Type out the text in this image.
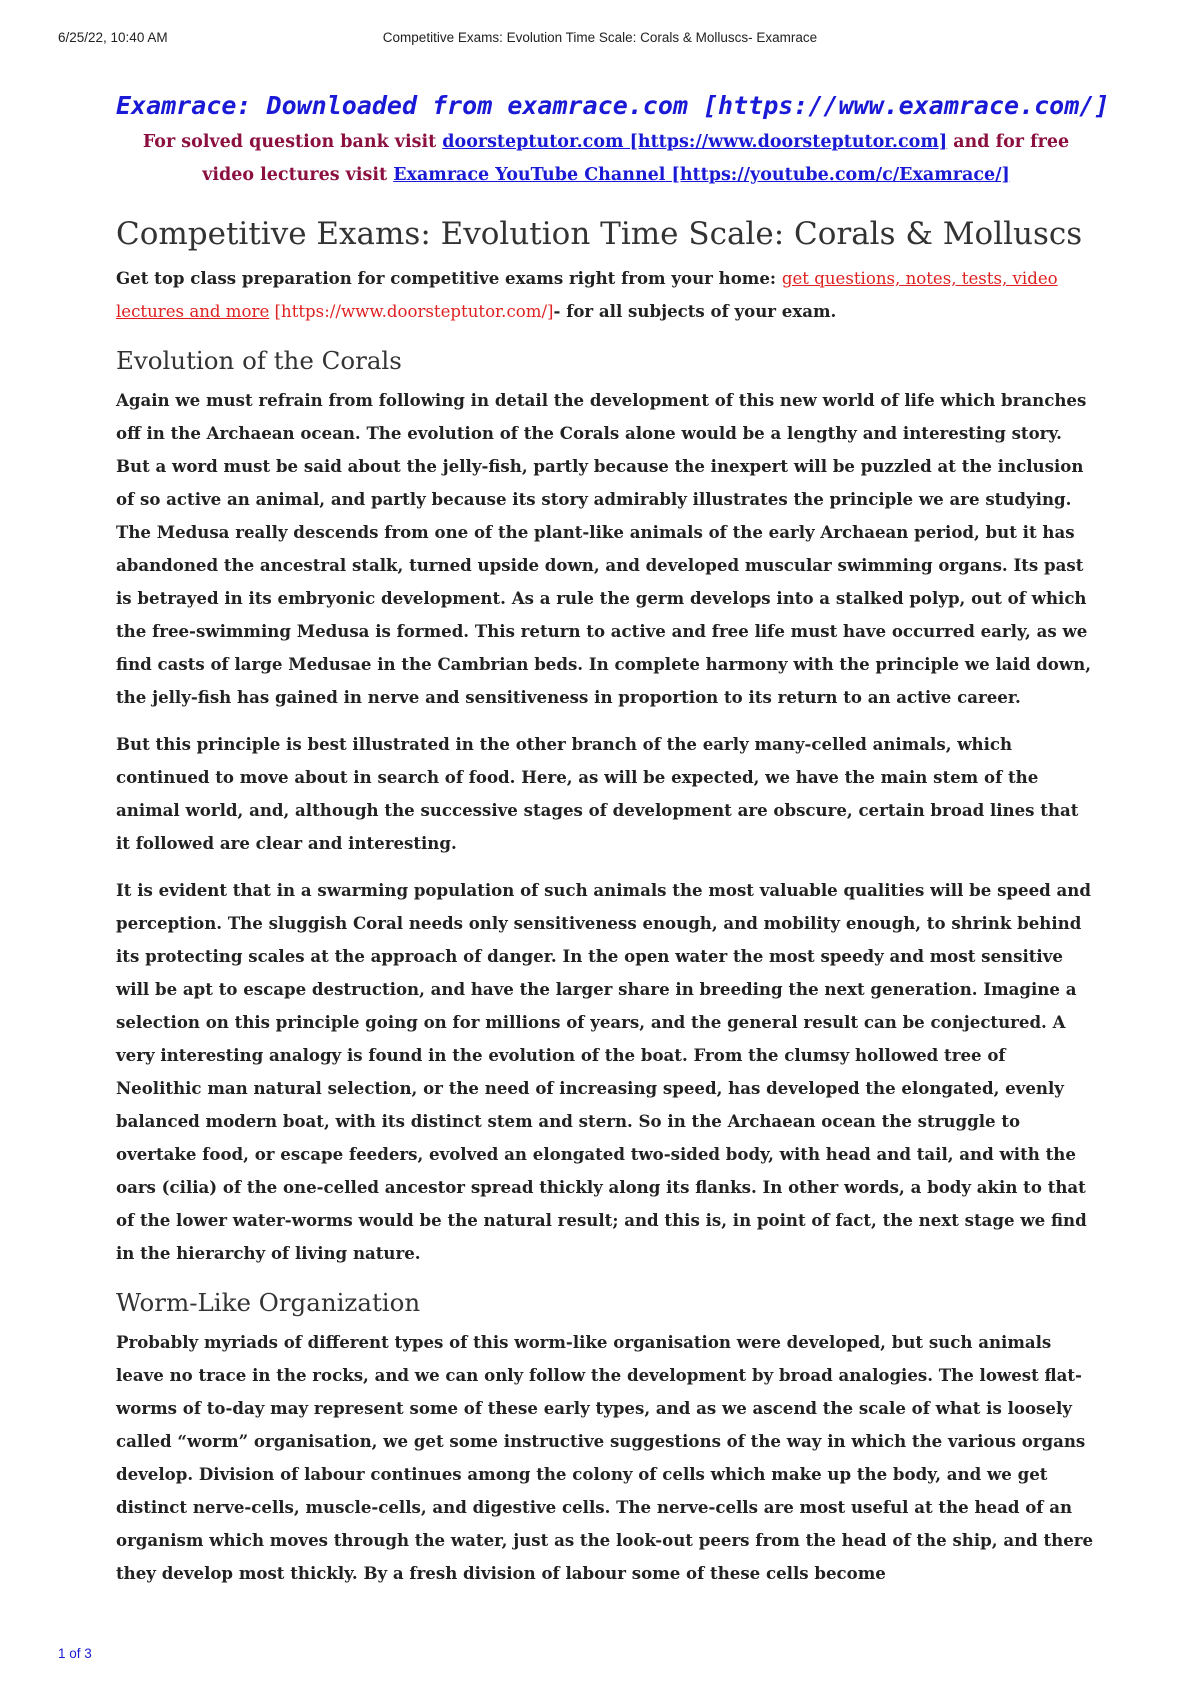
6/25/22, 10:40 AM	Competitive Exams: Evolution Time Scale: Corals & Molluscs- Examrace
Examrace: Downloaded from examrace.com [https://www.examrace.com/]
For solved question bank visit doorsteptutor.com [https://www.doorsteptutor.com] and for free video lectures visit Examrace YouTube Channel [https://youtube.com/c/Examrace/]
Competitive Exams: Evolution Time Scale: Corals & Molluscs

Get top class preparation for competitive exams right from your home: get questions, notes, tests, video lectures and more [https://www.doorsteptutor.com/]- for all subjects of your exam.

Evolution of the Corals

Again we must refrain from following in detail the development of this new world of life which branches off in the Archaean ocean. The evolution of the Corals alone would be a lengthy and interesting story. But a word must be said about the jelly-fish, partly because the inexpert will be puzzled at the inclusion of so active an animal, and partly because its story admirably illustrates the principle we are studying. The Medusa really descends from one of the plant-like animals of the early Archaean period, but it has abandoned the ancestral stalk, turned upside down, and developed muscular swimming organs. Its past is betrayed in its embryonic development. As a rule the germ develops into a stalked polyp, out of which the free-swimming Medusa is formed. This return to active and free life must have occurred early, as we find casts of large Medusae in the Cambrian beds. In complete harmony with the principle we laid down, the jelly-fish has gained in nerve and sensitiveness in proportion to its return to an active career.

But this principle is best illustrated in the other branch of the early many-celled animals, which continued to move about in search of food. Here, as will be expected, we have the main stem of the animal world, and, although the successive stages of development are obscure, certain broad lines that it followed are clear and interesting.

It is evident that in a swarming population of such animals the most valuable qualities will be speed and perception. The sluggish Coral needs only sensitiveness enough, and mobility enough, to shrink behind its protecting scales at the approach of danger. In the open water the most speedy and most sensitive will be apt to escape destruction, and have the larger share in breeding the next generation. Imagine a selection on this principle going on for millions of years, and the general result can be conjectured. A very interesting analogy is found in the evolution of the boat. From the clumsy hollowed tree of Neolithic man natural selection, or the need of increasing speed, has developed the elongated, evenly balanced modern boat, with its distinct stem and stern. So in the Archaean ocean the struggle to overtake food, or escape feeders, evolved an elongated two-sided body, with head and tail, and with the oars (cilia) of the one-celled ancestor spread thickly along its flanks. In other words, a body akin to that of the lower water-worms would be the natural result; and this is, in point of fact, the next stage we find in the hierarchy of living nature.

Worm-Like Organization

Probably myriads of different types of this worm-like organisation were developed, but such animals leave no trace in the rocks, and we can only follow the development by broad analogies. The lowest flat-worms of to-day may represent some of these early types, and as we ascend the scale of what is loosely called “worm” organisation, we get some instructive suggestions of the way in which the various organs develop. Division of labour continues among the colony of cells which make up the body, and we get distinct nerve-cells, muscle-cells, and digestive cells. The nerve-cells are most useful at the head of an organism which moves through the water, just as the look-out peers from the head of the ship, and there they develop most thickly. By a fresh division of labour some of these cells become

1 of 3
